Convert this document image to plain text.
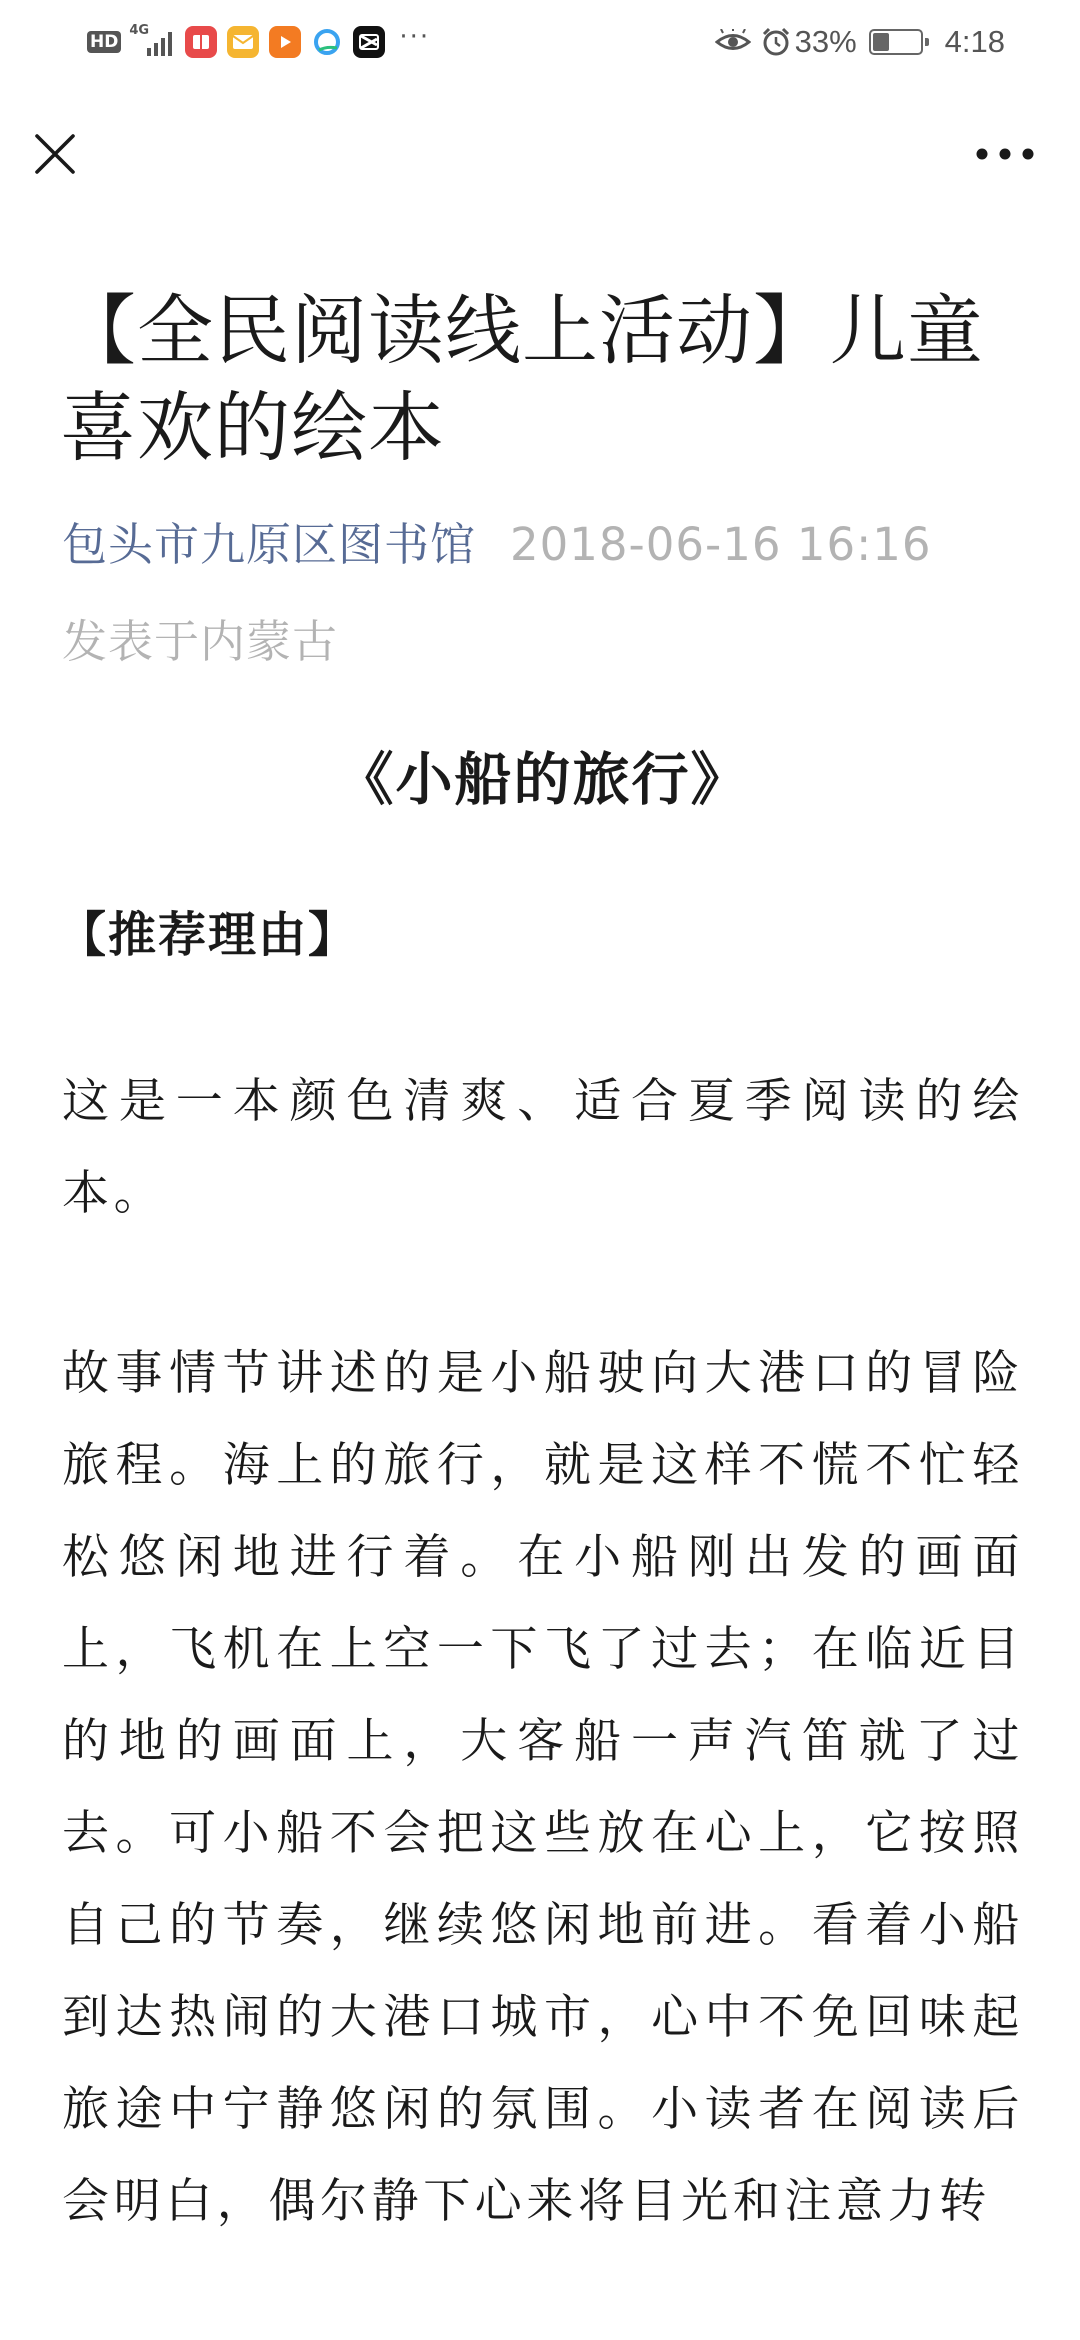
HD
4G	···	33%	4:18
【全民阅读线上活动】儿童喜欢的绘本
包头市九原区图书馆 2018-06-16 16:16
发表于内蒙古
《小船的旅行》
【推荐理由】

这是一本颜色清爽、适合夏季阅读的绘本。

故事情节讲述的是小船驶向大港口的冒险旅程。海上的旅行，就是这样不慌不忙轻松悠闲地进行着。在小船刚出发的画面上，飞机在上空一下飞了过去；在临近目的地的画面上，大客船一声汽笛就了过去。可小船不会把这些放在心上，它按照自己的节奏，继续悠闲地前进。看着小船到达热闹的大港口城市，心中不免回味起旅途中宁静悠闲的氛围。小读者在阅读后会明白，偶尔静下心来将目光和注意力转
